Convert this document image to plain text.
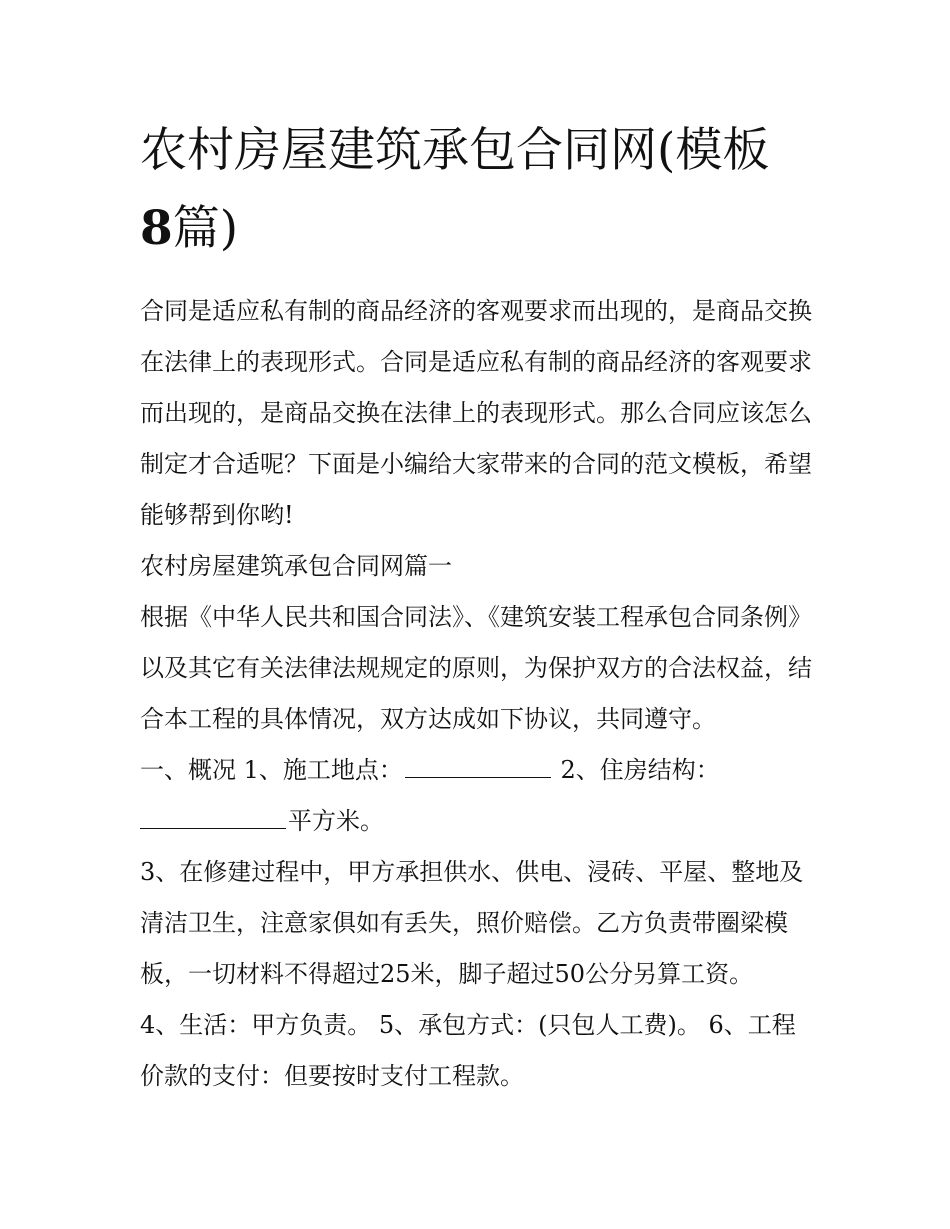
农村房屋建筑承包合同网(模板
8篇)

合同是适应私有制的商品经济的客观要求而出现的，是商品交换在法律上的表现形式。合同是适应私有制的商品经济的客观要求而出现的，是商品交换在法律上的表现形式。那么合同应该怎么制定才合适呢？下面是小编给大家带来的合同的范文模板，希望能够帮到你哟!

农村房屋建筑承包合同网篇一

根据《中华人民共和国合同法》、《建筑安装工程承包合同条例》以及其它有关法律法规规定的原则，为保护双方的合法权益，结合本工程的具体情况，双方达成如下协议，共同遵守。

一、概况 1、施工地点：	2、住房结构：
平方米。

3、在修建过程中，甲方承担供水、供电、浸砖、平屋、整地及清洁卫生，注意家俱如有丢失，照价赔偿。乙方负责带圈梁模板，一切材料不得超过25米，脚子超过50公分另算工资。

4、生活：甲方负责。 5、承包方式：(只包人工费)。 6、工程价款的支付：但要按时支付工程款。
